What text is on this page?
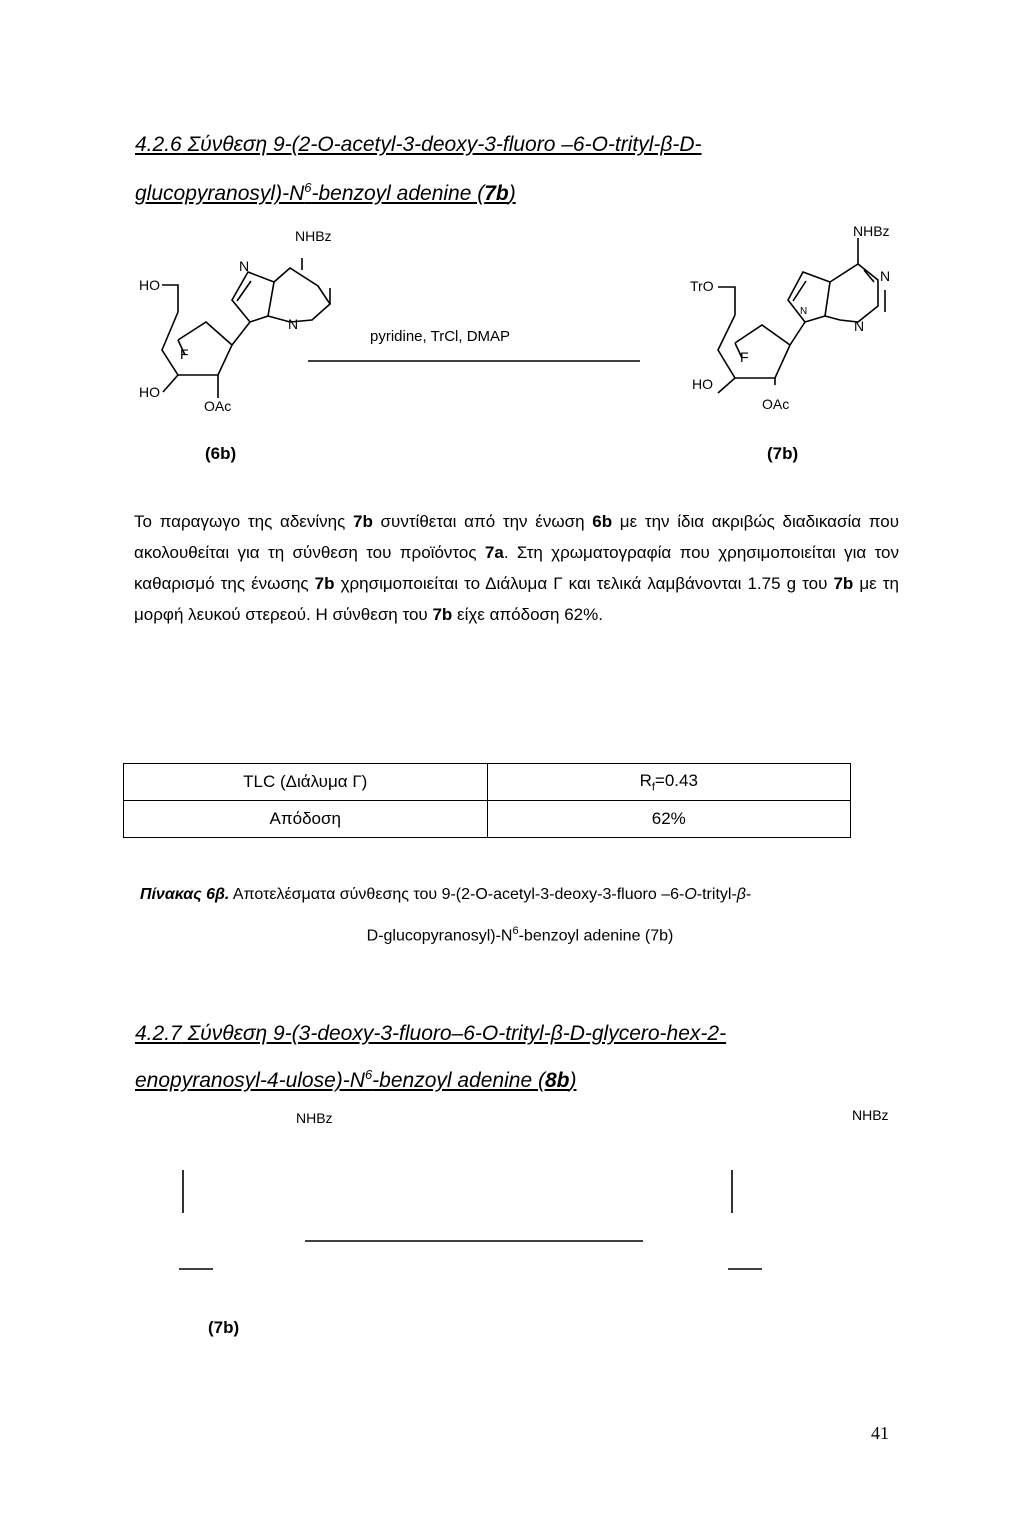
4.2.6 Σύνθεση 9-(2-O-acetyl-3-deoxy-3-fluoro –6-O-trityl-β-D-
$glucopyranosyl)-N^6$-benzoyl adenine (7b)
NHBz
N
N
HO
F
HO
OAc
pyridine, TrCl, DMAP
NHBz
N
N
N
TrO
F
HO
OAc
(6b)	(7b)

Το παραγωγο της αδενίνης 7b συντίθεται από την ένωση 6b με την ίδια ακριβώς διαδικασία που ακολουθείται για τη σύνθεση του προϊόντος 7a. Στη χρωματογραφία που χρησιμοποιείται για τον καθαρισμό της ένωσης 7b χρησιμοποιείται το Διάλυμα Γ και τελικά λαμβάνονται 1.75 g του 7b με τη μορφή λευκού στερεού. Η σύνθεση του 7b είχε απόδοση 62%.

TLC (Διάλυμα Γ)	$R_f=0.43$
Απόδοση	62%
Πίνακας 6β. Αποτελέσματα σύνθεσης του 9-(2-O-acetyl-3-deoxy-3-fluoro –6-O-trityl-β-
$D-glucopyranosyl)-N^6$-benzoyl adenine (7b)
4.2.7 Σύνθεση 9-(3-deoxy-3-fluoro–6-O-trityl-β-D-glycero-hex-2-
enopyranosyl-$4-ulose)-N^6$-benzoyl adenine (8b)
NHBz	NHBz
(7b)
41
